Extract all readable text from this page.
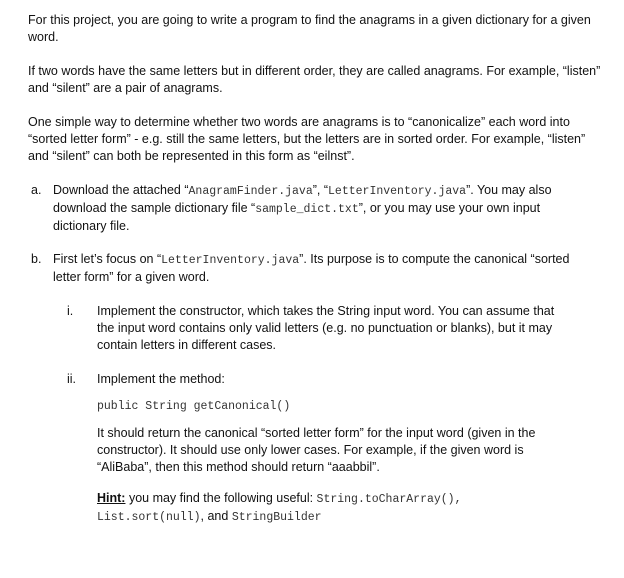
For this project, you are going to write a program to find the anagrams in a given dictionary for a given word.

If two words have the same letters but in different order, they are called anagrams. For example, “listen” and “silent” are a pair of anagrams.

One simple way to determine whether two words are anagrams is to “canonicalize” each word into “sorted letter form” - e.g. still the same letters, but the letters are in sorted order. For example, “listen” and “silent” can both be represented in this form as “eilnst”.

a. Download the attached “AnagramFinder.java”, “LetterInventory.java”. You may also download the sample dictionary file “sample_dict.txt”, or you may use your own input dictionary file.

b. First let’s focus on “LetterInventory.java”. Its purpose is to compute the canonical “sorted letter form” for a given word.

i. Implement the constructor, which takes the String input word. You can assume that the input word contains only valid letters (e.g. no punctuation or blanks), but it may contain letters in different cases.

ii. Implement the method:

public String getCanonical()

It should return the canonical “sorted letter form” for the input word (given in the constructor). It should use only lower cases. For example, if the given word is “AliBaba”, then this method should return “aaabbil”.

Hint: you may find the following useful: String.toCharArray(),
List.sort(null), and StringBuilder
